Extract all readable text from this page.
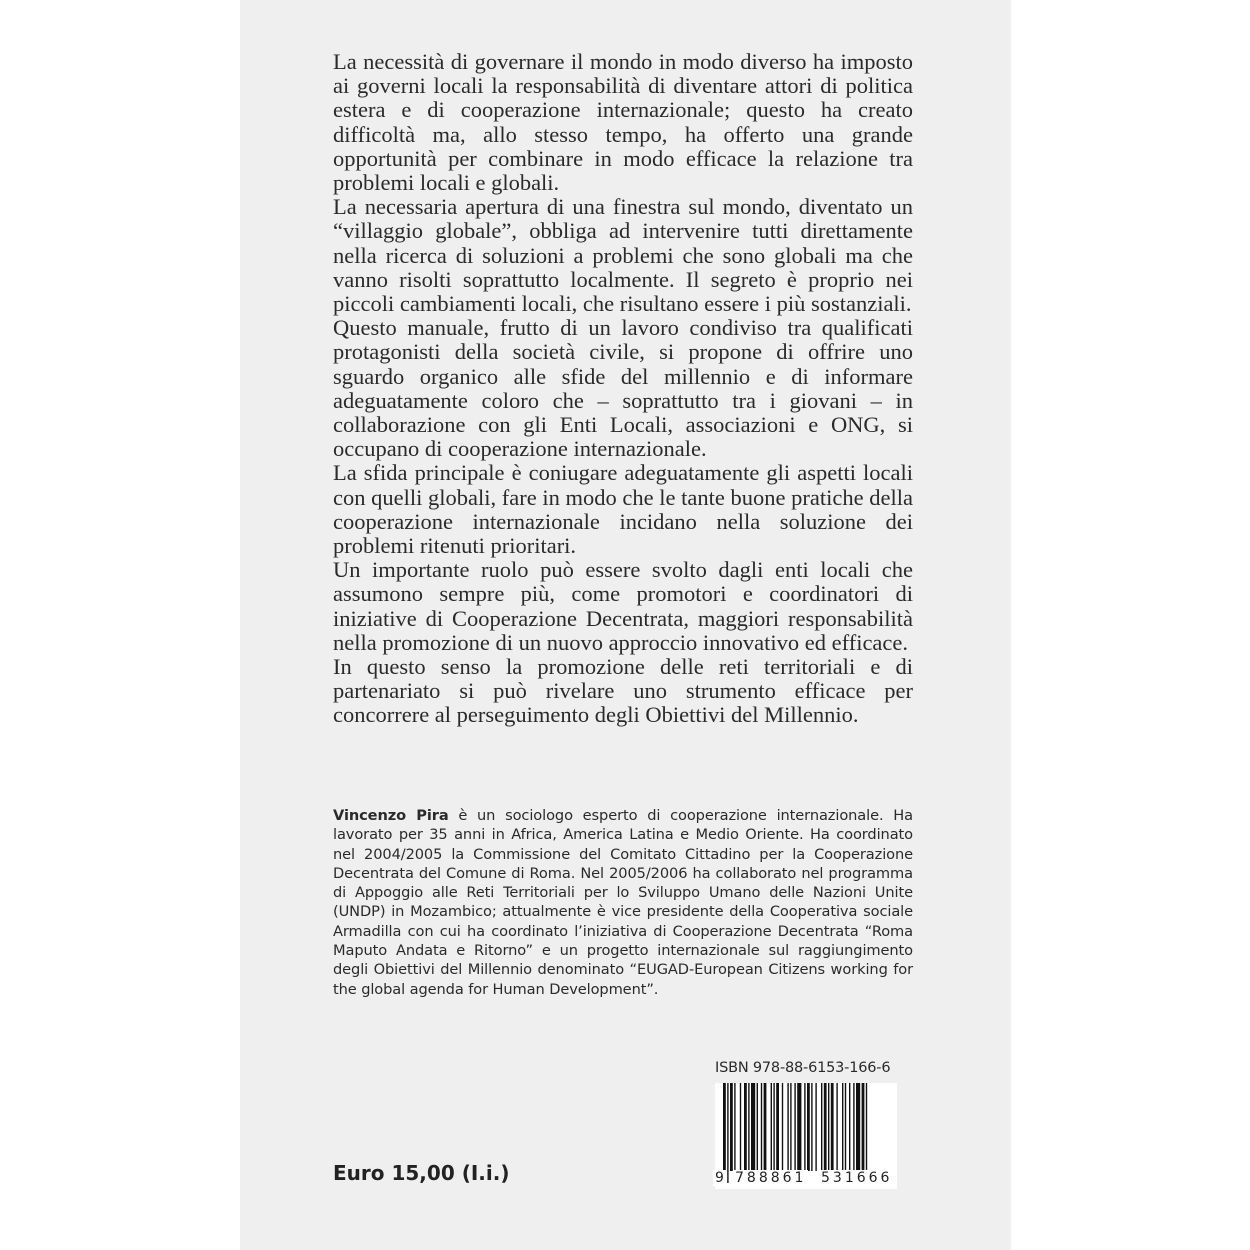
La necessità di governare il mondo in modo diverso ha imposto ai governi locali la responsabilità di diventare attori di politica estera e di cooperazione internazionale; questo ha creato difficoltà ma, allo stesso tempo, ha offerto una grande opportunità per combinare in modo efficace la relazione tra problemi locali e globali.

La necessaria apertura di una finestra sul mondo, diventato un “villaggio globale”, obbliga ad intervenire tutti direttamente nella ricerca di soluzioni a problemi che sono globali ma che vanno risolti soprattutto localmente. Il segreto è proprio nei piccoli cambiamenti locali, che risultano essere i più sostanziali.

Questo manuale, frutto di un lavoro condiviso tra qualificati protagonisti della società civile, si propone di offrire uno sguardo organico alle sfide del millennio e di informare adeguatamente coloro che – soprattutto tra i giovani – in collaborazione con gli Enti Locali, associazioni e ONG, si occupano di cooperazione internazionale.

La sfida principale è coniugare adeguatamente gli aspetti locali con quelli globali, fare in modo che le tante buone pratiche della cooperazione internazionale incidano nella soluzione dei problemi ritenuti prioritari.

Un importante ruolo può essere svolto dagli enti locali che assumono sempre più, come promotori e coordinatori di iniziative di Cooperazione Decentrata, maggiori responsabilità nella promozione di un nuovo approccio innovativo ed efficace.

In questo senso la promozione delle reti territoriali e di partenariato si può rivelare uno strumento efficace per concorrere al perseguimento degli Obiettivi del Millennio.

Vincenzo Pira è un sociologo esperto di cooperazione internazionale. Ha lavorato per 35 anni in Africa, America Latina e Medio Oriente. Ha coordinato nel 2004/2005 la Commissione del Comitato Cittadino per la Cooperazione Decentrata del Comune di Roma. Nel 2005/2006 ha collaborato nel programma di Appoggio alle Reti Territoriali per lo Sviluppo Umano delle Nazioni Unite (UNDP) in Mozambico; attualmente è vice presidente della Cooperativa sociale Armadilla con cui ha coordinato l’iniziativa di Cooperazione Decentrata “Roma Maputo Andata e Ritorno” e un progetto internazionale sul raggiungimento degli Obiettivi del Millennio denominato “EUGAD-European Citizens working for the global agenda for Human Development”.
ISBN 978-88-6153-166-6
9 788861 531666
Euro 15,00 (I.i.)
